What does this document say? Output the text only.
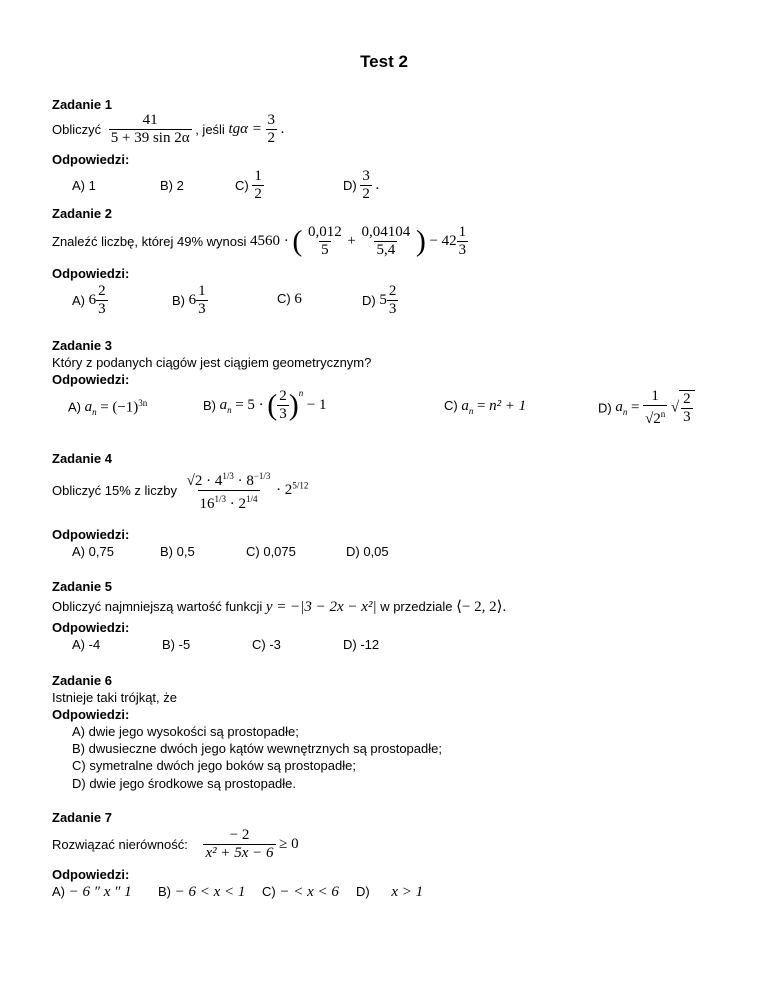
Test 2
Zadanie 1
Obliczyć $\frac{41}{5 + 39 \sin 2\alpha}$ , jeśli $tg\alpha = \frac{3}{2}$ .
Odpowiedzi:
A) 1	B) 2	$C) \frac{1}{2}$	$D) \frac{3}{2}$ .
Zadanie 2
Znaleźć liczbę, której 49% wynosi 4560 · ( $\frac{0,012}{5} + \frac{0,04104}{5,4}$ ) − $42 \frac{1}{3}$
Odpowiedzi:
A) $6 \frac{2}{3}$	B) $6 \frac{1}{3}$	C) 6	D) $5 \frac{2}{3}$
Zadanie 3
Który z podanych ciągów jest ciągiem geometrycznym?
Odpowiedzi:
A) $a_n = (-1)^{3n}$	B) $a_n = 5$ · ( $\frac{2}{3} )^n - 1$	C) $a_n = n^2 + 1$	D) $a_n = \frac{1}{√2^n}$ √ $\frac{2}{3}$
Zadanie 4
Obliczyć 15% z liczby $\frac{√2 \cdot 4^{1/3} \cdot 8^{-1/3}}{16^{1/3} \cdot 2^{1/4}} \cdot 2^{5/12}$
Odpowiedzi:
A) 0,75	B) 0,5	C) 0,075	D) 0,05
Zadanie 5
Obliczyć najmniejszą wartość funkcji y = −|3 − 2x − x²| w przedziale ⟨− 2, 2⟩.
Odpowiedzi:
A) -4	B) -5	C) -3	D) -12
Zadanie 6
Istnieje taki trójkąt, że
Odpowiedzi:
A) dwie jego wysokości są prostopadłe;
B) dwusieczne dwóch jego kątów wewnętrznych są prostopadłe;
C) symetralne dwóch jego boków są prostopadłe;
D) dwie jego środkowe są prostopadłe.
Zadanie 7
Rozwiązać nierówność: $\frac{- 2}{\text{x² + 5x − 6}} \ge 0$
Odpowiedzi:
A) − 6 ″ x ″ 1 B) − 6 < x < 1 C) − < x < 6 D) x > 1
